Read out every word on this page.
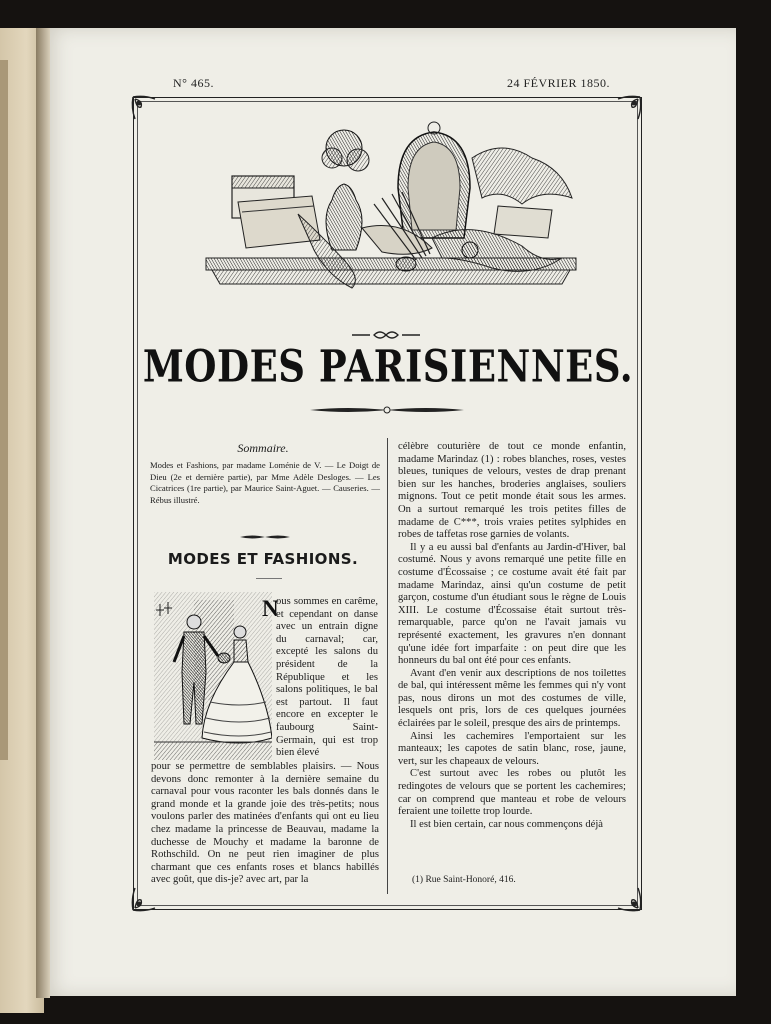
N° 465.	24 FÉVRIER 1850.
MODES PARISIENNES.
Sommaire.
Modes et Fashions, par madame Loménie de V. — Le Doigt de Dieu (2e et dernière partie), par Mme Adèle Desloges. — Les Cicatrices (1re partie), par Maurice Saint-Aguet. — Causeries. — Rébus illustré.
MODES ET FASHIONS.
N
ous sommes en carême, et cependant on danse avec un entrain digne du carnaval; car, excepté les salons du président de la République et les salons politiques, le bal est partout. Il faut encore en excepter le faubourg Saint-Germain, qui est trop bien élevé
pour se permettre de semblables plaisirs. — Nous devons donc remonter à la dernière semaine du carnaval pour vous raconter les bals donnés dans le grand monde et la grande joie des très-petits; nous voulons parler des matinées d'enfants qui ont eu lieu chez madame la princesse de Beauvau, madame la duchesse de Mouchy et madame la baronne de Rothschild. On ne peut rien imaginer de plus charmant que ces enfants roses et blancs habillés avec goût, que dis-je? avec art, par la

célèbre couturière de tout ce monde enfantin, madame Marindaz (1) : robes blanches, roses, vestes bleues, tuniques de velours, vestes de drap prenant bien sur les hanches, broderies anglaises, souliers mignons. Tout ce petit monde était sous les armes. On a surtout remarqué les trois petites filles de madame de C***, trois vraies petites sylphides en robes de taffetas rose garnies de volants.

Il y a eu aussi bal d'enfants au Jardin-d'Hiver, bal costumé. Nous y avons remarqué une petite fille en costume d'Écossaise ; ce costume avait été fait par madame Marindaz, ainsi qu'un costume de petit garçon, costume d'un étudiant sous le règne de Louis XIII. Le costume d'Écossaise était surtout très-remarquable, parce qu'on ne l'avait jamais vu représenté exactement, les gravures n'en donnant qu'une idée fort imparfaite : on peut dire que les honneurs du bal ont été pour ces enfants.

Avant d'en venir aux descriptions de nos toilettes de bal, qui intéressent même les femmes qui n'y vont pas, nous dirons un mot des costumes de ville, lesquels ont pris, lors de ces quelques journées éclairées par le soleil, presque des airs de printemps.

Ainsi les cachemires l'emportaient sur les manteaux; les capotes de satin blanc, rose, jaune, vert, sur les chapeaux de velours.

C'est surtout avec les robes ou plutôt les redingotes de velours que se portent les cachemires; car on comprend que manteau et robe de velours feraient une toilette trop lourde.

Il est bien certain, car nous commençons déjà

(1) Rue Saint-Honoré, 416.
